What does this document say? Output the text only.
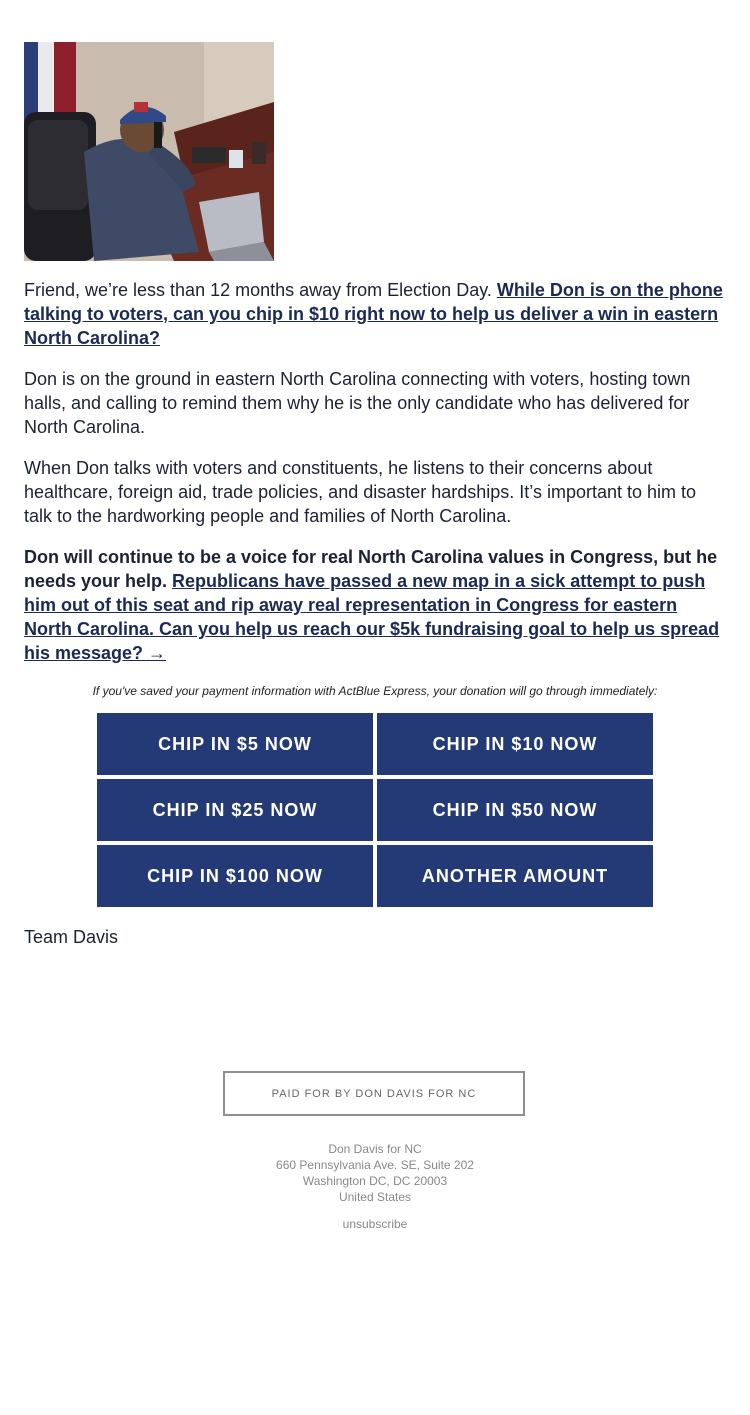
Friend, we’re less than 12 months away from Election Day. While Don is on the phone
talking to voters, can you chip in $10 right now to help us deliver a win in eastern
North Carolina?

Don is on the ground in eastern North Carolina connecting with voters, hosting town
halls, and calling to remind them why he is the only candidate who has delivered for
North Carolina.

When Don talks with voters and constituents, he listens to their concerns about
healthcare, foreign aid, trade policies, and disaster hardships. It’s important to him to
talk to the hardworking people and families of North Carolina.

Don will continue to be a voice for real North Carolina values in Congress, but he
needs your help. Republicans have passed a new map in a sick attempt to push
him out of this seat and rip away real representation in Congress for eastern
North Carolina. Can you help us reach our $5k fundraising goal to help us spread
his message? →

If you've saved your payment information with ActBlue Express, your donation will go through immediately:
CHIP IN $5 NOW	CHIP IN $10 NOW
CHIP IN $25 NOW	CHIP IN $50 NOW
CHIP IN $100 NOW	ANOTHER AMOUNT
Team Davis
PAID FOR BY DON DAVIS FOR NC
Don Davis for NC
660 Pennsylvania Ave. SE, Suite 202
Washington DC, DC 20003
United States
unsubscribe
